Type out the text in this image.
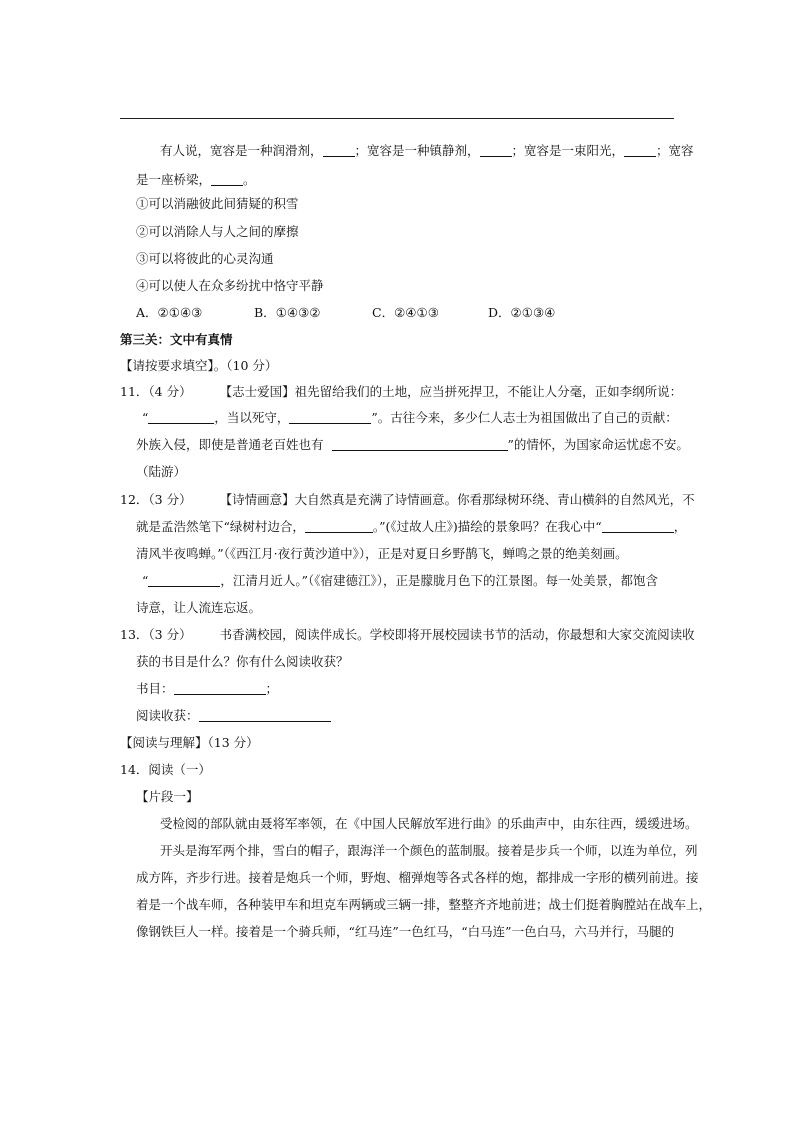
有人说，宽容是一种润滑剂，	；宽容是一种镇静剂，	；宽容是一束阳光，	；宽容
是一座桥梁，	。
①可以消融彼此间猜疑的积雪
②可以消除人与人之间的摩擦
③可以将彼此的心灵沟通
④可以使人在众多纷扰中恪守平静
A．②①④③	B．①④③②	C．②④①③	D．②①③④
第三关：文中有真情
【请按要求填空】。（10 分）
11．（4 分） 【志士爱国】祖先留给我们的土地，应当拼死捍卫，不能让人分毫，正如李纲所说：
“	，当以死守，	”。古往今来，多少仁人志士为祖国做出了自己的贡献：
外族入侵，即使是普通老百姓也有	”的情怀，为国家命运忧虑不安。
（陆游）
12．（3 分） 【诗情画意】大自然真是充满了诗情画意。你看那绿树环绕、青山横斜的自然风光，不
就是孟浩然笔下“绿树村边合，	。”(《过故人庄》)描绘的景象吗？在我心中“	，
清风半夜鸣蝉。”（《西江月·夜行黄沙道中》），正是对夏日乡野鹊飞，蝉鸣之景的绝美刻画。
“	，江清月近人。”（《宿建德江》），正是朦胧月色下的江景图。每一处美景，都饱含
诗意，让人流连忘返。
13．（3 分） 书香满校园，阅读伴成长。学校即将开展校园读书节的活动，你最想和大家交流阅读收
获的书目是什么？你有什么阅读收获？
书目：	；
阅读收获：
【阅读与理解】（13 分）
14．阅读（一）
【片段一】
受检阅的部队就由聂将军率领，在《中国人民解放军进行曲》的乐曲声中，由东往西，缓缓进场。
开头是海军两个排，雪白的帽子，跟海洋一个颜色的蓝制服。接着是步兵一个师，以连为单位，列
成方阵，齐步行进。接着是炮兵一个师，野炮、榴弹炮等各式各样的炮，都排成一字形的横列前进。接
着是一个战车师，各种装甲车和坦克车两辆或三辆一排，整整齐齐地前进；战士们挺着胸膛站在战车上，
像钢铁巨人一样。接着是一个骑兵师，“红马连”一色红马，“白马连”一色白马，六马并行，马腿的
